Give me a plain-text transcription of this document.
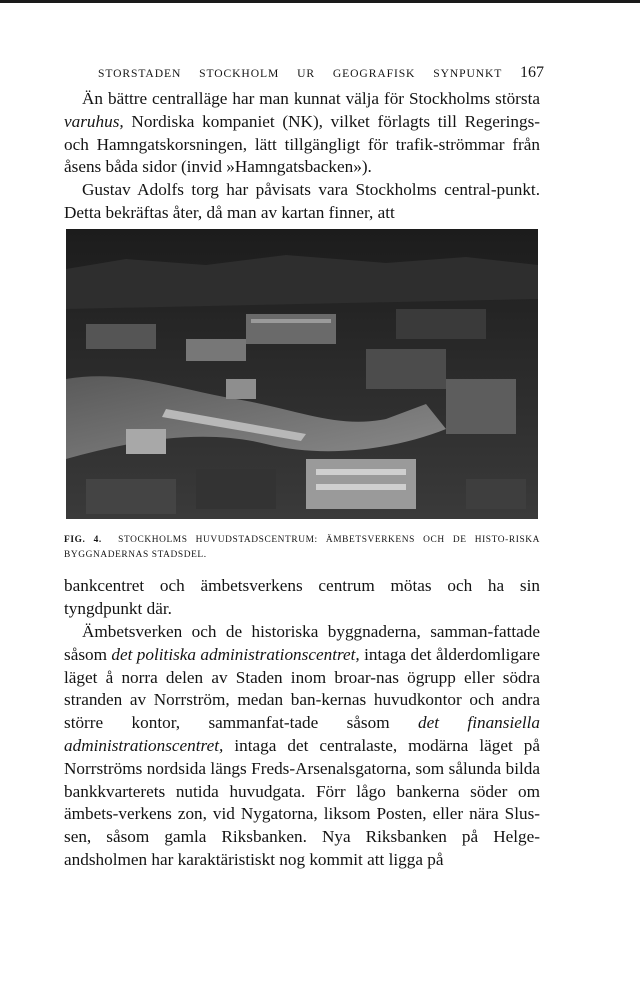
STORSTADEN STOCKHOLM UR GEOGRAFISK SYNPUNKT 167

Än bättre centralläge har man kunnat välja för Stockholms största varuhus, Nordiska kompaniet (NK), vilket förlagts till Regerings- och Hamngatskorsningen, lätt tillgängligt för trafik-strömmar från åsens båda sidor (invid »Hamngatsbacken»).

Gustav Adolfs torg har påvisats vara Stockholms central-punkt. Detta bekräftas åter, då man av kartan finner, att

FIG. 4. STOCKHOLMS HUVUDSTADSCENTRUM: ÄMBETSVERKENS OCH DE HISTO-RISKA BYGGNADERNAS STADSDEL.

bankcentret och ämbetsverkens centrum mötas och ha sin tyngdpunkt där.

Ämbetsverken och de historiska byggnaderna, samman-fattade såsom det politiska administrationscentret, intaga det ålderdomligare läget å norra delen av Staden inom broar-nas ögrupp eller södra stranden av Norrström, medan ban-kernas huvudkontor och andra större kontor, sammanfat-tade såsom det finansiella administrationscentret, intaga det centralaste, modärna läget på Norrströms nordsida längs Freds-Arsenalsgatorna, som sålunda bilda bankkvarterets nutida huvudgata. Förr lågo bankerna söder om ämbets-verkens zon, vid Nygatorna, liksom Posten, eller nära Slus-sen, såsom gamla Riksbanken. Nya Riksbanken på Helge-andsholmen har karaktäristiskt nog kommit att ligga på
